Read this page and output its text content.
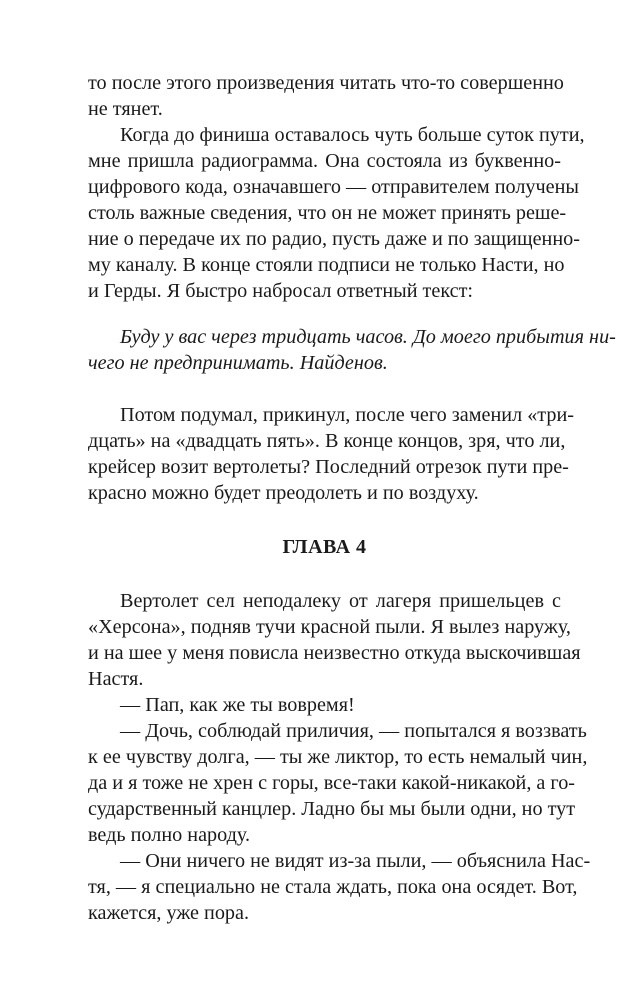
то после этого произведения читать что-то совершенно
не тянет.
Когда до финиша оставалось чуть больше суток пути,
мне пришла радиограмма. Она состояла из буквенно-
цифрового кода, означавшего — отправителем получены
столь важные сведения, что он не может принять реше-
ние о передаче их по радио, пусть даже и по защищенно-
му каналу. В конце стояли подписи не только Насти, но
и Герды. Я быстро набросал ответный текст:
Буду у вас через тридцать часов. До моего прибытия ни-
чего не предпринимать. Найденов.
Потом подумал, прикинул, после чего заменил «три-
дцать» на «двадцать пять». В конце концов, зря, что ли,
крейсер возит вертолеты? Последний отрезок пути пре-
красно можно будет преодолеть и по воздуху.
ГЛАВА 4
Вертолет сел неподалеку от лагеря пришельцев с
«Херсона», подняв тучи красной пыли. Я вылез наружу,
и на шее у меня повисла неизвестно откуда выскочившая
Настя.
— Пап, как же ты вовремя!
— Дочь, соблюдай приличия, — попытался я воззвать
к ее чувству долга, — ты же ликтор, то есть немалый чин,
да и я тоже не хрен с горы, все-таки какой-никакой, а го-
сударственный канцлер. Ладно бы мы были одни, но тут
ведь полно народу.
— Они ничего не видят из-за пыли, — объяснила Нас-
тя, — я специально не стала ждать, пока она осядет. Вот,
кажется, уже пора.
